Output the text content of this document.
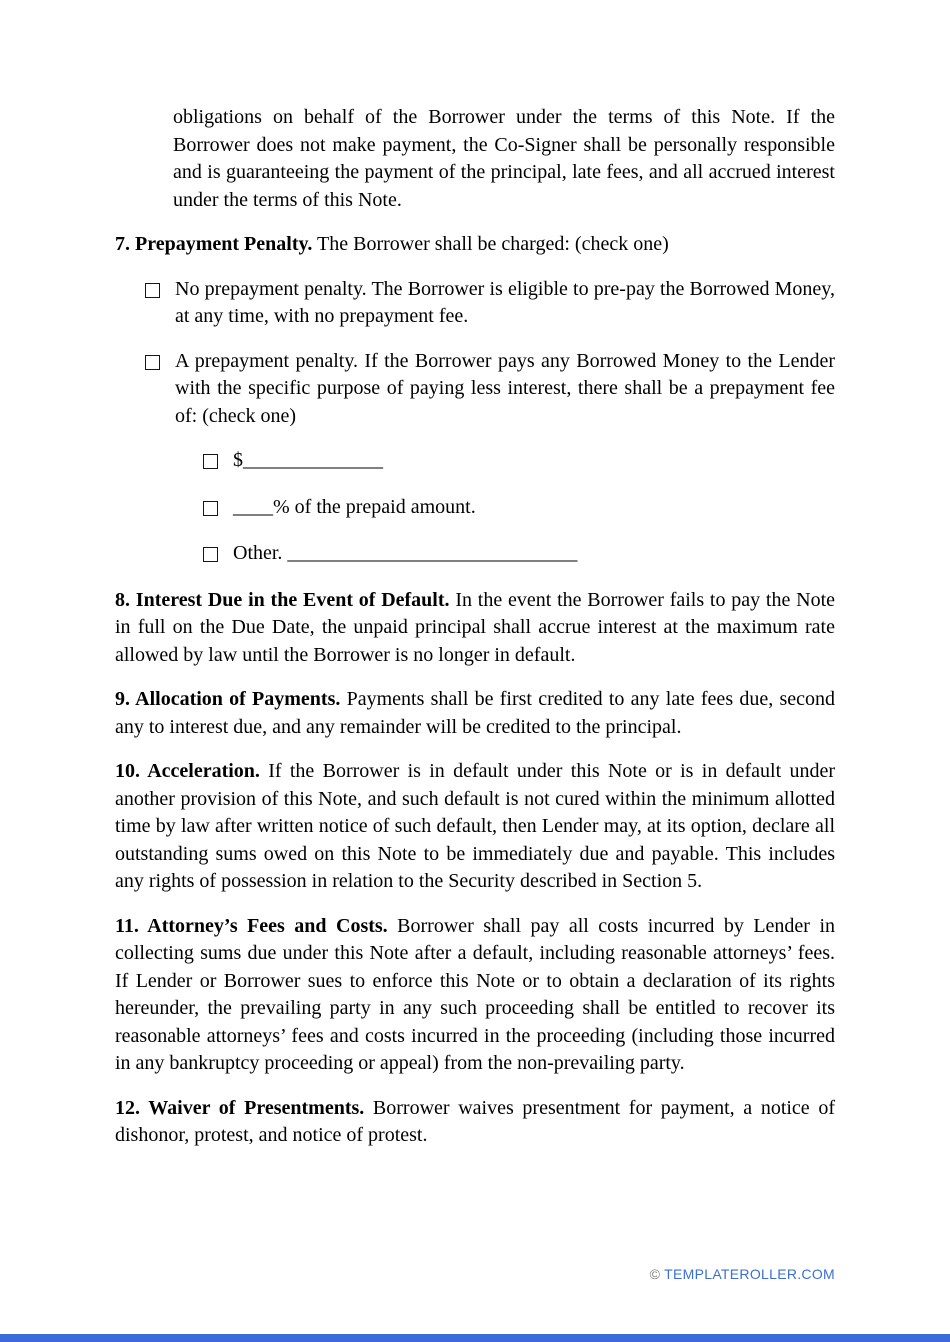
obligations on behalf of the Borrower under the terms of this Note. If the Borrower does not make payment, the Co-Signer shall be personally responsible and is guaranteeing the payment of the principal, late fees, and all accrued interest under the terms of this Note.

7. Prepayment Penalty. The Borrower shall be charged: (check one)

No prepayment penalty. The Borrower is eligible to pre-pay the Borrowed Money, at any time, with no prepayment fee.
A prepayment penalty. If the Borrower pays any Borrowed Money to the Lender with the specific purpose of paying less interest, there shall be a prepayment fee of: (check one)
$______________
____% of the prepaid amount.
Other. _____________________________

8. Interest Due in the Event of Default. In the event the Borrower fails to pay the Note in full on the Due Date, the unpaid principal shall accrue interest at the maximum rate allowed by law until the Borrower is no longer in default.

9. Allocation of Payments. Payments shall be first credited to any late fees due, second any to interest due, and any remainder will be credited to the principal.

10. Acceleration. If the Borrower is in default under this Note or is in default under another provision of this Note, and such default is not cured within the minimum allotted time by law after written notice of such default, then Lender may, at its option, declare all outstanding sums owed on this Note to be immediately due and payable. This includes any rights of possession in relation to the Security described in Section 5.

11. Attorney’s Fees and Costs. Borrower shall pay all costs incurred by Lender in collecting sums due under this Note after a default, including reasonable attorneys’ fees. If Lender or Borrower sues to enforce this Note or to obtain a declaration of its rights hereunder, the prevailing party in any such proceeding shall be entitled to recover its reasonable attorneys’ fees and costs incurred in the proceeding (including those incurred in any bankruptcy proceeding or appeal) from the non-prevailing party.

12. Waiver of Presentments. Borrower waives presentment for payment, a notice of dishonor, protest, and notice of protest.

© TEMPLATEROLLER.COM
